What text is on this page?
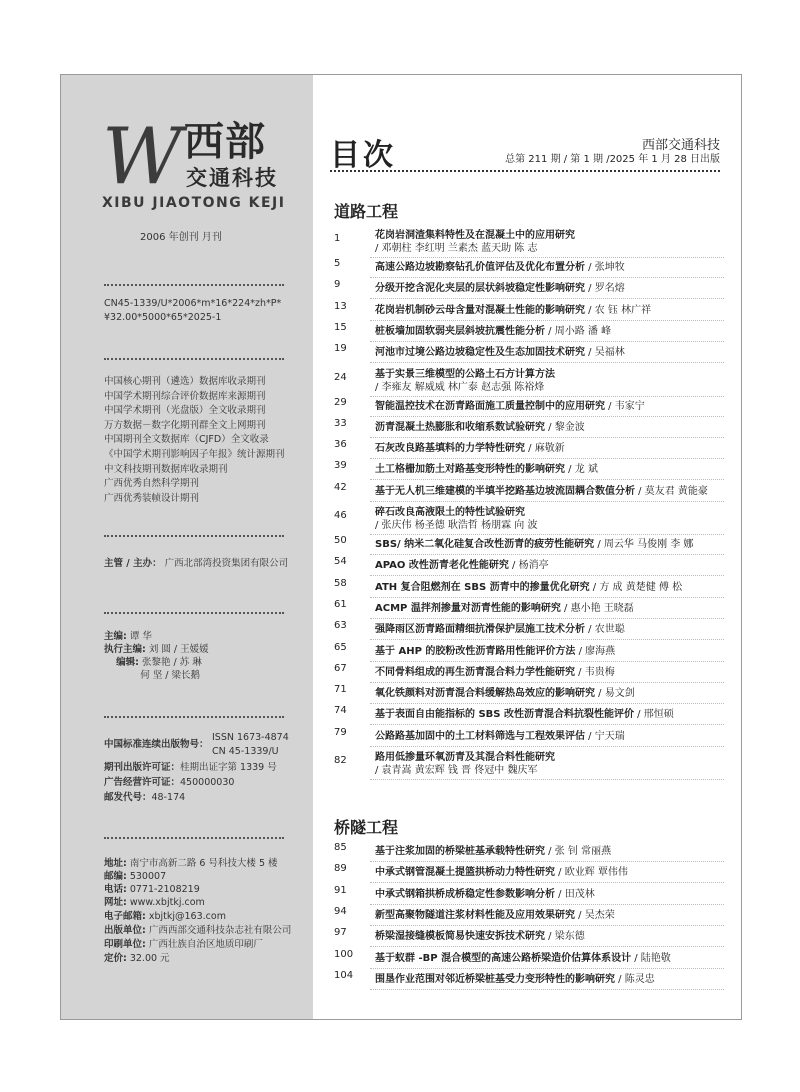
W 西部
交通科技
XIBU JIAOTONG KEJI
2006 年创刊 月刊
CN45-1339/U*2006*m*16*224*zh*P*
¥32.00*5000*65*2025-1
中国核心期刊（遴选）数据库收录期刊
中国学术期刊综合评价数据库来源期刊
中国学术期刊（光盘版）全文收录期刊
万方数据－数字化期刊群全文上网期刊
中国期刊全文数据库（CJFD）全文收录
《中国学术期刊影响因子年报》统计源期刊
中文科技期刊数据库收录期刊
广西优秀自然科学期刊
广西优秀装帧设计期刊
主管 / 主办： 广西北部湾投资集团有限公司
主编: 谭 华
执行主编: 刘 圆 / 王媛媛
编辑: 张黎艳 / 苏 琳
何 坚 / 梁长鹅
中国标准连续出版物号：
ISSN 1673-4874
CN 45-1339/U
期刊出版许可证：桂期出证字第 1339 号
广告经营许可证：450000030
邮发代号：48-174
地址: 南宁市高新二路 6 号科技大楼 5 楼
邮编: 530007
电话: 0771-2108219
网址: www.xbjtkj.com
电子邮箱: xbjtkj@163.com
出版单位: 广西西部交通科技杂志社有限公司
印刷单位: 广西壮族自治区地质印刷厂
定价: 32.00 元
目次	西部交通科技
总第 211 期 / 第 1 期 /2025 年 1 月 28 日出版
道路工程
1	花岗岩洞渣集料特性及在混凝土中的应用研究
/ 邓朝柱 李红明 兰素杰 蓝天助 陈 志
5	高速公路边坡勘察钻孔价值评估及优化布置分析 / 张坤牧
9	分级开挖含泥化夹层的层状斜坡稳定性影响研究 / 罗名熔
13	花岗岩机制砂云母含量对混凝土性能的影响研究 / 农 钰 林广祥
15	桩板墙加固软弱夹层斜坡抗震性能分析 / 周小路 潘 峰
19	河池市过境公路边坡稳定性及生态加固技术研究 / 吴福林
24	基于实景三维模型的公路土石方计算方法
/ 李雍友 解威威 林广泰 赵志强 陈裕烽
29	智能温控技术在沥青路面施工质量控制中的应用研究 / 韦家宁
33	沥青混凝土热膨胀和收缩系数试验研究 / 黎金波
36	石灰改良路基填料的力学特性研究 / 麻敬新
39	土工格栅加筋土对路基变形特性的影响研究 / 龙 斌
42	基于无人机三维建模的半填半挖路基边坡流固耦合数值分析 / 莫友君 黄能豪
46	碎石改良高液限土的特性试验研究
/ 张庆伟 杨圣德 耿浩哲 杨朋霖 向 波
50	SBS/ 纳米二氧化硅复合改性沥青的疲劳性能研究 / 周云华 马俊刚 李 娜
54	APAO 改性沥青老化性能研究 / 杨消亭
58	ATH 复合阻燃剂在 SBS 沥青中的掺量优化研究 / 方 成 黄楚健 傅 松
61	ACMP 温拌剂掺量对沥青性能的影响研究 / 惠小艳 王晓磊
63	强降雨区沥青路面精细抗滑保护层施工技术分析 / 农世聪
65	基于 AHP 的胶粉改性沥青路用性能评价方法 / 廖海燕
67	不同骨料组成的再生沥青混合料力学性能研究 / 韦贵梅
71	氧化铁颜料对沥青混合料缓解热岛效应的影响研究 / 易文剑
74	基于表面自由能指标的 SBS 改性沥青混合料抗裂性能评价 / 邢恒硕
79	公路路基加固中的土工材料筛选与工程效果评估 / 宁天瑞
82	路用低掺量环氧沥青及其混合料性能研究
/ 袁青嵩 黄宏辉 钱 晋 佟冠中 魏庆军
桥隧工程
85	基于注浆加固的桥梁桩基承载特性研究 / 张 钊 常丽燕
89	中承式钢管混凝土提篮拱桥动力特性研究 / 欧业辉 覃伟伟
91	中承式钢箱拱桥成桥稳定性参数影响分析 / 田茂林
94	新型高聚物隧道注浆材料性能及应用效果研究 / 吴杰荣
97	桥梁湿接缝模板简易快速安拆技术研究 / 梁东德
100	基于蚁群 -BP 混合模型的高速公路桥梁造价估算体系设计 / 陆艳敬
104	围垦作业范围对邻近桥梁桩基受力变形特性的影响研究 / 陈灵忠
